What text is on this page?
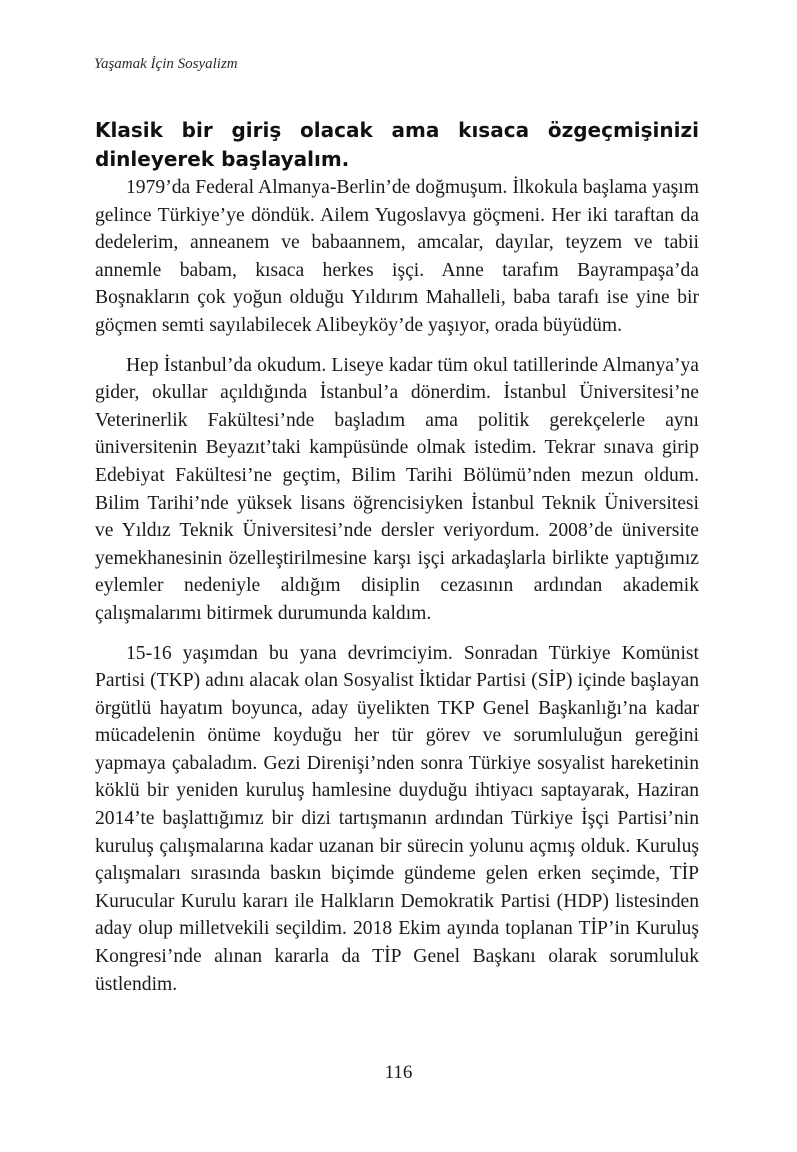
Yaşamak İçin Sosyalizm
Klasik bir giriş olacak ama kısaca özgeçmişinizi dinleyerek başlayalım.

1979’da Federal Almanya-Berlin’de doğmuşum. İlkokula başlama yaşım gelince Türkiye’ye döndük. Ailem Yugoslavya göçmeni. Her iki taraftan da dedelerim, anneanem ve babaannem, amcalar, dayılar, teyzem ve tabii annemle babam, kısaca herkes işçi. Anne tarafım Bayrampaşa’da Boşnakların çok yoğun olduğu Yıldırım Mahalleli, baba tarafı ise yine bir göçmen semti sayılabilecek Alibeyköy’de yaşıyor, orada büyüdüm.

Hep İstanbul’da okudum. Liseye kadar tüm okul tatillerinde Almanya’ya gider, okullar açıldığında İstanbul’a dönerdim. İstanbul Üniversitesi’ne Veterinerlik Fakültesi’nde başladım ama politik gerekçelerle aynı üniversitenin Beyazıt’taki kampüsünde olmak istedim. Tekrar sınava girip Edebiyat Fakültesi’ne geçtim, Bilim Tarihi Bölümü’nden mezun oldum. Bilim Tarihi’nde yüksek lisans öğrencisiyken İstanbul Teknik Üniversitesi ve Yıldız Teknik Üniversitesi’nde dersler veriyordum. 2008’de üniversite yemekhanesinin özelleştirilmesine karşı işçi arkadaşlarla birlikte yaptığımız eylemler nedeniyle aldığım disiplin cezasının ardından akademik çalışmalarımı bitirmek durumunda kaldım.

15-16 yaşımdan bu yana devrimciyim. Sonradan Türkiye Komünist Partisi (TKP) adını alacak olan Sosyalist İktidar Partisi (SİP) içinde başlayan örgütlü hayatım boyunca, aday üyelikten TKP Genel Başkanlığı’na kadar mücadelenin önüme koyduğu her tür görev ve sorumluluğun gereğini yapmaya çabaladım. Gezi Direnişi’nden sonra Türkiye sosyalist hareketinin köklü bir yeniden kuruluş hamlesine duyduğu ihtiyacı saptayarak, Haziran 2014’te başlattığımız bir dizi tartışmanın ardından Türkiye İşçi Partisi’nin kuruluş çalışmalarına kadar uzanan bir sürecin yolunu açmış olduk. Kuruluş çalışmaları sırasında baskın biçimde gündeme gelen erken seçimde, TİP Kurucular Kurulu kararı ile Halkların Demokratik Partisi (HDP) listesinden aday olup milletvekili seçildim. 2018 Ekim ayında toplanan TİP’in Kuruluş Kongresi’nde alınan kararla da TİP Genel Başkanı olarak sorumluluk üstlendim.

116
